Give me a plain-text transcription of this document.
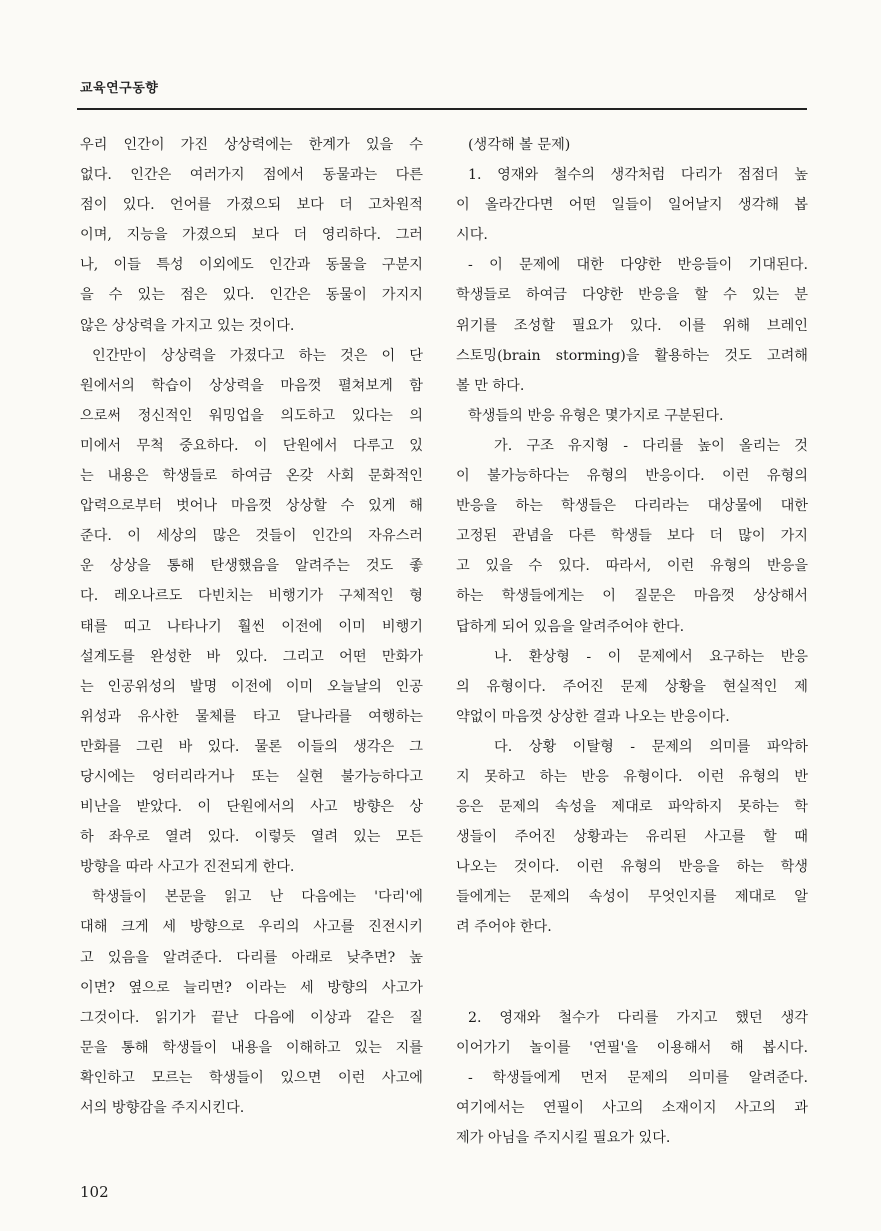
교육연구동향
우리 인간이 가진 상상력에는 한계가 있을 수
없다. 인간은 여러가지 점에서 동물과는 다른
점이 있다. 언어를 가졌으되 보다 더 고차원적
이며, 지능을 가졌으되 보다 더 영리하다. 그러
나, 이들 특성 이외에도 인간과 동물을 구분지
을 수 있는 점은 있다. 인간은 동물이 가지지
않은 상상력을 가지고 있는 것이다.
인간만이 상상력을 가졌다고 하는 것은 이 단
원에서의 학습이 상상력을 마음껏 펼쳐보게 함
으로써 정신적인 워밍업을 의도하고 있다는 의
미에서 무척 중요하다. 이 단원에서 다루고 있
는 내용은 학생들로 하여금 온갖 사회 문화적인
압력으로부터 벗어나 마음껏 상상할 수 있게 해
준다. 이 세상의 많은 것들이 인간의 자유스러
운 상상을 통해 탄생했음을 알려주는 것도 좋
다. 레오나르도 다빈치는 비행기가 구체적인 형
태를 띠고 나타나기 훨씬 이전에 이미 비행기
설계도를 완성한 바 있다. 그리고 어떤 만화가
는 인공위성의 발명 이전에 이미 오늘날의 인공
위성과 유사한 물체를 타고 달나라를 여행하는
만화를 그린 바 있다. 물론 이들의 생각은 그
당시에는 엉터리라거나 또는 실현 불가능하다고
비난을 받았다. 이 단원에서의 사고 방향은 상
하 좌우로 열려 있다. 이렇듯 열려 있는 모든
방향을 따라 사고가 진전되게 한다.
학생들이 본문을 읽고 난 다음에는 '다리'에
대해 크게 세 방향으로 우리의 사고를 진전시키
고 있음을 알려준다. 다리를 아래로 낮추면? 높
이면? 옆으로 늘리면? 이라는 세 방향의 사고가
그것이다. 읽기가 끝난 다음에 이상과 같은 질
문을 통해 학생들이 내용을 이해하고 있는 지를
확인하고 모르는 학생들이 있으면 이런 사고에
서의 방향감을 주지시킨다.
(생각해 볼 문제)
1. 영재와 철수의 생각처럼 다리가 점점더 높
이 올라간다면 어떤 일들이 일어날지 생각해 봅
시다.
- 이 문제에 대한 다양한 반응들이 기대된다.
학생들로 하여금 다양한 반응을 할 수 있는 분
위기를 조성할 필요가 있다. 이를 위해 브레인
스토밍(brain storming)을 활용하는 것도 고려해
볼 만 하다.
학생들의 반응 유형은 몇가지로 구분된다.
가. 구조 유지형 - 다리를 높이 올리는 것
이 불가능하다는 유형의 반응이다. 이런 유형의
반응을 하는 학생들은 다리라는 대상물에 대한
고정된 관념을 다른 학생들 보다 더 많이 가지
고 있을 수 있다. 따라서, 이런 유형의 반응을
하는 학생들에게는 이 질문은 마음껏 상상해서
답하게 되어 있음을 알려주어야 한다.
나. 환상형 - 이 문제에서 요구하는 반응
의 유형이다. 주어진 문제 상황을 현실적인 제
약없이 마음껏 상상한 결과 나오는 반응이다.
다. 상황 이탈형 - 문제의 의미를 파악하
지 못하고 하는 반응 유형이다. 이런 유형의 반
응은 문제의 속성을 제대로 파악하지 못하는 학
생들이 주어진 상황과는 유리된 사고를 할 때
나오는 것이다. 이런 유형의 반응을 하는 학생
들에게는 문제의 속성이 무엇인지를 제대로 알
려 주어야 한다.
2. 영재와 철수가 다리를 가지고 했던 생각
이어가기 놀이를 '연필'을 이용해서 해 봅시다.
- 학생들에게 먼저 문제의 의미를 알려준다.
여기에서는 연필이 사고의 소재이지 사고의 과
제가 아님을 주지시킬 필요가 있다.
102
